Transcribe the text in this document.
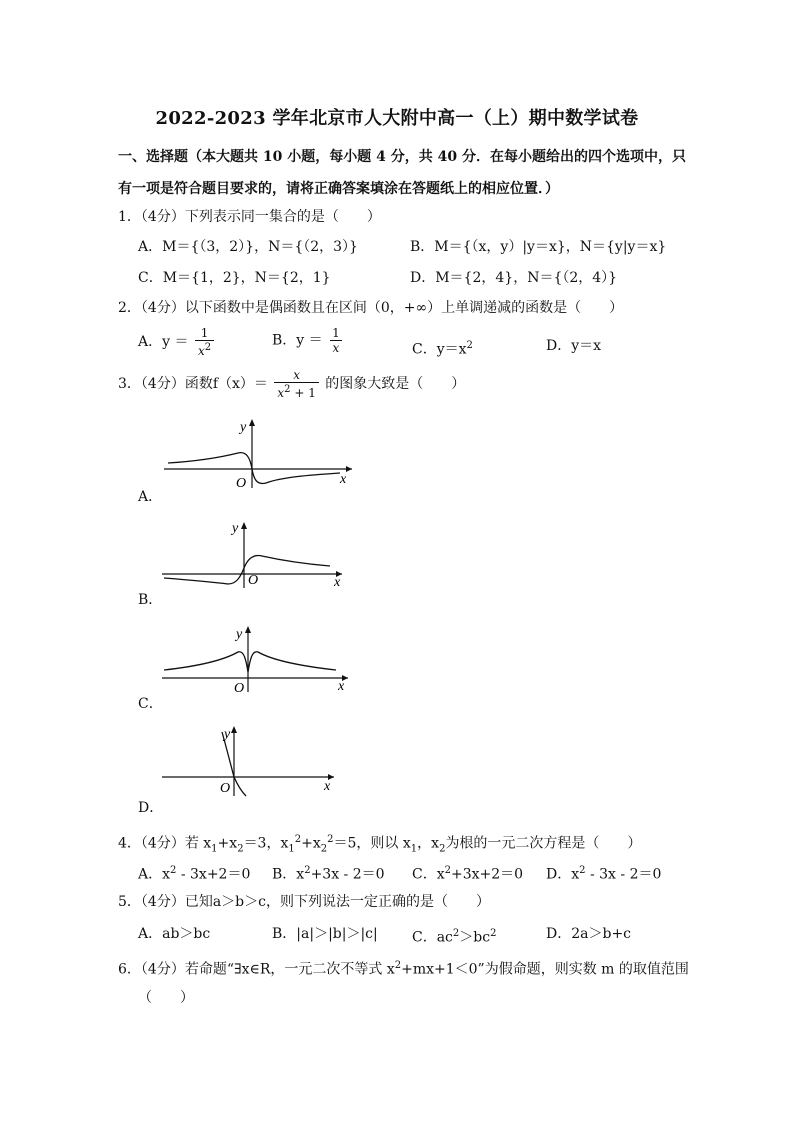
2022-2023 学年北京市人大附中高一（上）期中数学试卷
一、选择题（本大题共 10 小题，每小题 4 分，共 40 分．在每小题给出的四个选项中，只
有一项是符合题目要求的，请将正确答案填涂在答题纸上的相应位置．）
1．（4分）下列表示同一集合的是（　　）
A．M＝{（3，2）}，N＝{（2，3）}	B．M＝{（x，y）|y＝x}，N＝{y|y＝x}
C．M＝{1，2}，N＝{2，1}	D．M＝{2，4}，N＝{（2，4）}
2．（4分）以下函数中是偶函数且在区间（0，+∞）上单调递减的函数是（　　）
A．$y = \frac{1}{x^2}$	B．$y = \frac{1}{x}$	C．$y=x^2$	D．y＝x
3．（4分）函数$f(x)= \frac{x}{x^2 + 1}$ 的图象大致是（　　）
x
y
O
A．
x
y
O
B．
x
y
O
C．
x
y
O
D．
4．（4分）若 $x_1+x_2=3$，$x_1^2+x_2^2=5$，则以 $x_1$，$x_2$为根的一元二次方程是（　　）
A．$x^2 - 3x+2=0$ B．$x^2+3x - 2=0$ C．$x^2+3x+2=0$ D．$x^2 - 3x - 2=0$
5．（4分）已知a＞b＞c，则下列说法一定正确的是（　　）
A．ab＞bc	B．|a|＞|b|＞|c| C．$ac^2>bc^2$	D．2a＞b+c
6．（4分）若命题“∃x∈R，一元二次不等式 $x^2+mx+1<0$”为假命题，则实数 m 的取值范围
（　　）
